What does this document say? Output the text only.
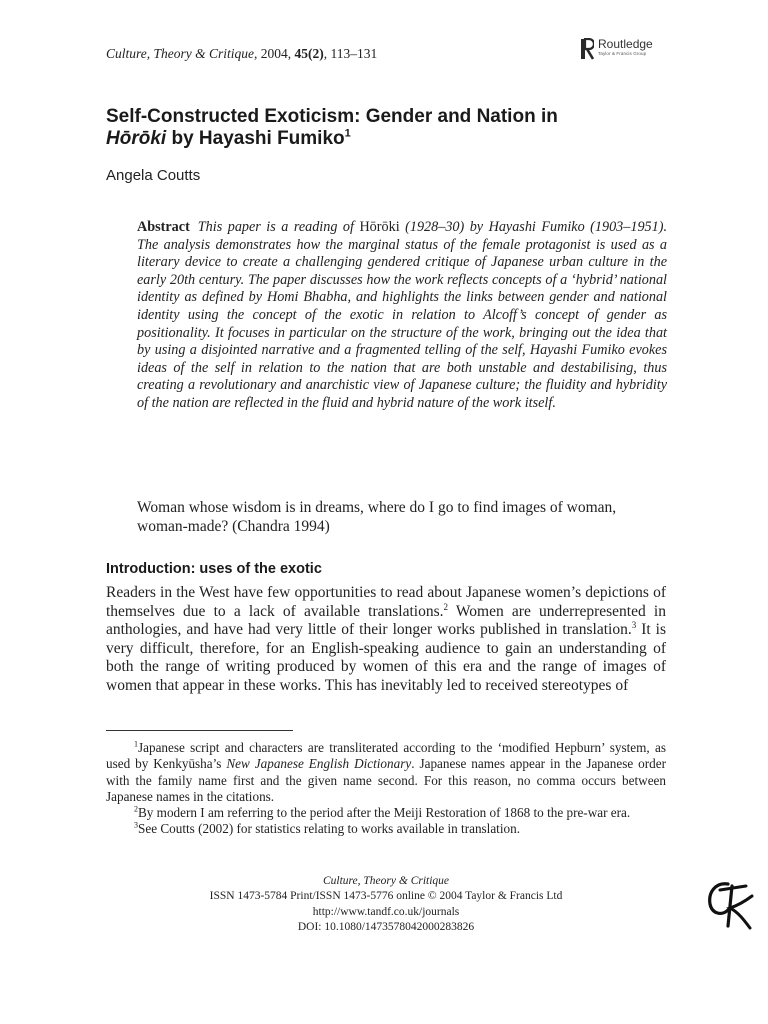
Culture, Theory & Critique, 2004, 45(2), 113–131
Routledge
Taylor & Francis Group
Self-Constructed Exoticism: Gender and Nation in
Hōrōki by Hayashi Fumiko$^1$
Angela Coutts
Abstract This paper is a reading of Hōrōki (1928–30) by Hayashi Fumiko (1903–1951). The analysis demonstrates how the marginal status of the female protagonist is used as a literary device to create a challenging gendered critique of Japanese urban culture in the early 20th century. The paper discusses how the work reflects concepts of a ‘hybrid’ national identity as defined by Homi Bhabha, and highlights the links between gender and national identity using the concept of the exotic in relation to Alcoff’s concept of gender as positionality. It focuses in particular on the structure of the work, bringing out the idea that by using a disjointed narrative and a fragmented telling of the self, Hayashi Fumiko evokes ideas of the self in relation to the nation that are both unstable and destabilising, thus creating a revolutionary and anarchistic view of Japanese culture; the fluidity and hybridity of the nation are reflected in the fluid and hybrid nature of the work itself.
Woman whose wisdom is in dreams, where do I go to find images of woman, woman-made? (Chandra 1994)
Introduction: uses of the exotic
Readers in the West have few opportunities to read about Japanese women’s depictions of themselves due to a lack of available translations.$^2$ Women are underrepresented in anthologies, and have had very little of their longer works published in translation.$^3$ It is very difficult, therefore, for an English-speaking audience to gain an understanding of both the range of writing produced by women of this era and the range of images of women that appear in these works. This has inevitably led to received stereotypes of

$^1$Japanese script and characters are transliterated according to the ‘modified Hepburn’ system, as used by Kenkyūsha’s New Japanese English Dictionary. Japanese names appear in the Japanese order with the family name first and the given name second. For this reason, no comma occurs between Japanese names in the citations.

$^2$By modern I am referring to the period after the Meiji Restoration of 1868 to the pre-war era.

$^3$See Coutts (2002) for statistics relating to works available in translation.

Culture, Theory & Critique
ISSN 1473-5784 Print/ISSN 1473-5776 online © 2004 Taylor & Francis Ltd
http://www.tandf.co.uk/journals
DOI: 10.1080/1473578042000283826
